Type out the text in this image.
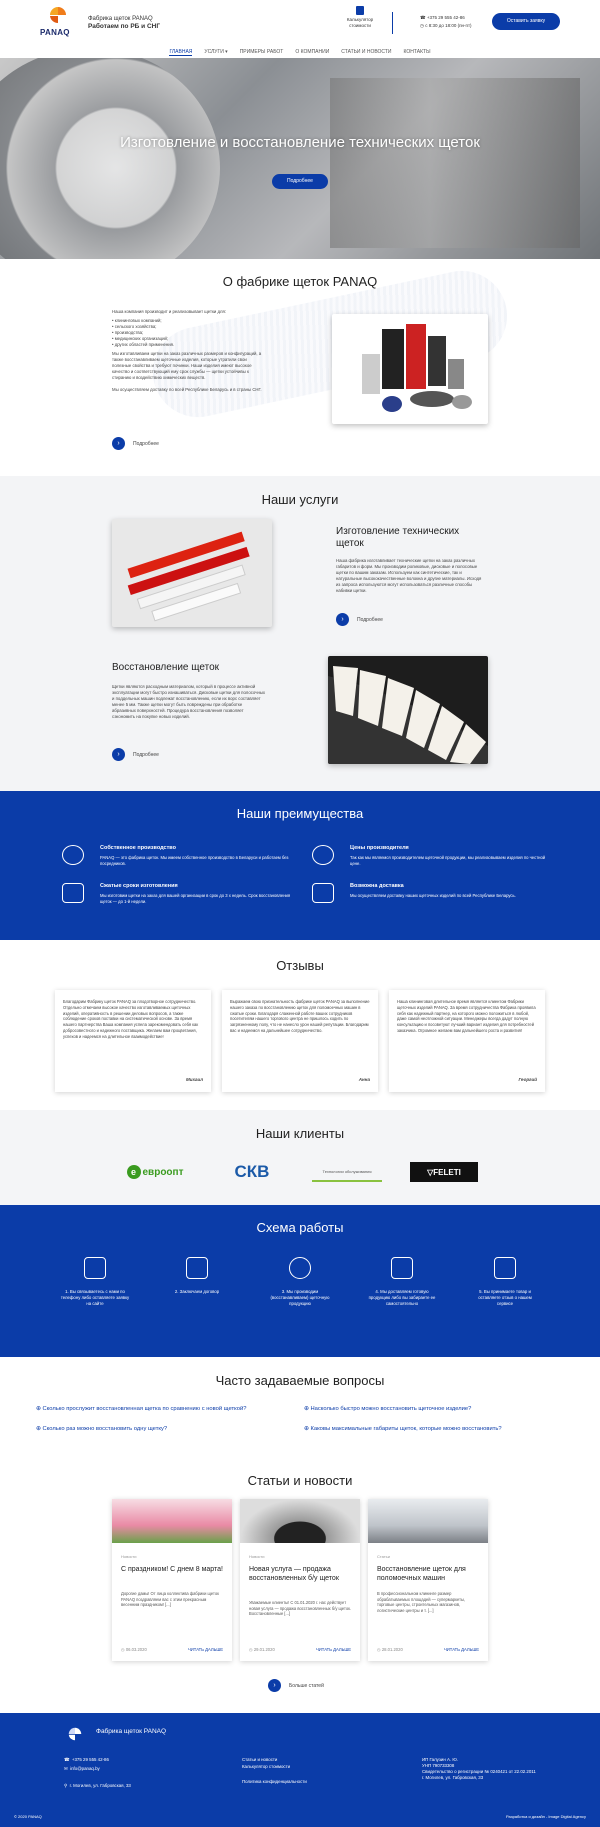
PANAQ
Фабрика щеток PANAQ
Работаем по РБ и СНГ
Калькулятор стоимости
☎ +375 29 555 42-86
◷ с 8:30 до 18:00 (пн-пт)
Оставить заявку
ГЛАВНАЯ УСЛУГИ ▾ ПРИМЕРЫ РАБОТ О КОМПАНИИ СТАТЬИ И НОВОСТИ КОНТАКТЫ
Изготовление и восстановление технических щеток
Подробнее
О фабрике щеток PANAQ
Наша компания производит и реализовывает щетки для:
• клининговых компаний;
• сельского хозяйства;
• производства;
• медицинских организаций;
• других областей применения.
Мы изготавливаем щетки на заказ различных размеров и конфигураций, а также восстанавливаем щеточные изделия, которые утратили свои полезные свойства и требуют починки. Наши изделия имеют высокое качество и соответствующий ему срок службы — щетки устойчивы к стиранию и воздействию химических веществ.
Мы осуществляем доставку по всей Республике Беларусь и в страны СНГ.
›	Подробнее
Наши услуги
Изготовление технических щеток
Наша фабрика изготавливает технические щетки на заказ различных габаритов и форм. Мы производим роликовые, дисковые и полосовые щетки по вашим заказам. Используем как синтетические, так и натуральные высококачественные волокна и другие материалы. Исходя из запроса используются могут использоваться различные способы набивки щетки.
›	Подробнее
Восстановление щеток
Щетки являются расходным материалом, который в процессе активной эксплуатации могут быстро изнашиваться. Дисковые щетки для полосочных и поддельных машин подлежат восстановлению, если их ворс составляет менее 5 мм. Также щетки могут быть повреждены при обработке абразивных поверхностей. Процедура восстановления позволяет сэкономить на покупке новых изделий.
›	Подробнее
Наши преимущества
Собственное производство
PANAQ — это фабрика щеток. Мы имеем собственное производство в Беларуси и работаем без посредников.
Цены производителя
Так как мы являемся производителем щеточной продукции, мы реализовываем изделия по честной цене.
Сжатые сроки изготовления
Мы изготовим щетки на заказ для вашей организации в срок до 3 х недель. Срок восстановления щеток — до 1-й недели.
Возможна доставка
Мы осуществляем доставку наших щеточных изделий по всей Республике Беларусь.
Отзывы
Благодарим Фабрику щеток PANAQ за плодотворное сотрудничество. Отдельно отмечаем высокое качество изготавливаемых щеточных изделий, оперативность в решении деловых вопросов, а также соблюдение сроков поставки на систематической основе. За время нашего партнерства Ваша компания успела зарекомендовать себя как добросовестного и надежного поставщика. Желаем вам процветания, успехов и надеемся на длительное взаимодействие!
Михаил
Выражаем свою признательность фабрике щеток PANAQ за выполнение нашего заказа по восстановлению щеток для поломоечных машин в сжатые сроки. Благодаря слаженной работе ваших сотрудников посетителям нашего торгового центра не пришлось ходить по загрязненному полу, что не нанесло урон нашей репутации. Благодарим вас и надеемся на дальнейшее сотрудничество.
Анна
Наша клининговая длительное время является клиентом Фабрики щеточных изделий PANAQ. За время сотрудничества Фабрика проявила себя как надежный партнер, на которого можно положиться в любой, даже самой неотложной ситуации. Менеджеры всегда дадут полную консультацию и посоветуют лучший вариант изделия для потребностей заказчика. Огромное желаем вам дальнейшего роста и развития!
Георгий
Наши клиенты
е евроопт	СКВ	Технологии обслуживания	▽ FELETI
Схема работы
1. Вы связываетесь с нами по телефону либо оставляете заявку на сайте
2. Заключаем договор	3. Мы производим (восстанавливаем) щеточную продукцию
4. Мы доставляем готовую продукцию либо вы забираете ее самостоятельно
5. Вы принимаете товар и оставляете отзыв о нашем сервисе
Часто задаваемые вопросы
⊕ Сколько прослужит восстановленная щетка по сравнению с новой щеткой?	⊕ Насколько быстро можно восстановить щеточное изделие?
⊕ Сколько раз можно восстановить одну щетку?	⊕ Каковы максимальные габариты щеток, которые можно восстановить?
Статьи и новости
Новости
С праздником! С днем 8 марта!
Дорогие дамы! От лица коллектива фабрики щеток PANAQ поздравляем вас с этим прекрасным весенним праздником! [...]
◷ 06.03.2020	ЧИТАТЬ ДАЛЬШЕ
Новости
Новая услуга — продажа восстановленных б/у щеток
Уважаемые клиенты! С 01.01.2020 г. нас действует новая услуга — продажа восстановленных б/у щеток. Восстановленные [...]
◷ 29.01.2020	ЧИТАТЬ ДАЛЬШЕ
Статьи
Восстановление щеток для поломоечных машин
В профессиональном клининге размер обрабатываемых площадей — супермаркеты, торговые центры, строительных магазинов, логистические центры и т. [...]
◷ 28.01.2020	ЧИТАТЬ ДАЛЬШЕ
›	Больше статей
Фабрика щеток PANAQ
☎  +375 29 555 42-86
✉  info@panaq.by
⚲  г. Могилев, ул. Габровская, 33
Статьи и новости
Калькулятор стоимости
Политика конфиденциальности
ИП Галузин А. Ю.
УНП 790733308
Свидетельство о регистрации № 0240421 от 22.02.2011
г. Могилев, ул. Габровская, 33
© 2020 PANAQ	Разработка и дизайн - Image Digital Agency
